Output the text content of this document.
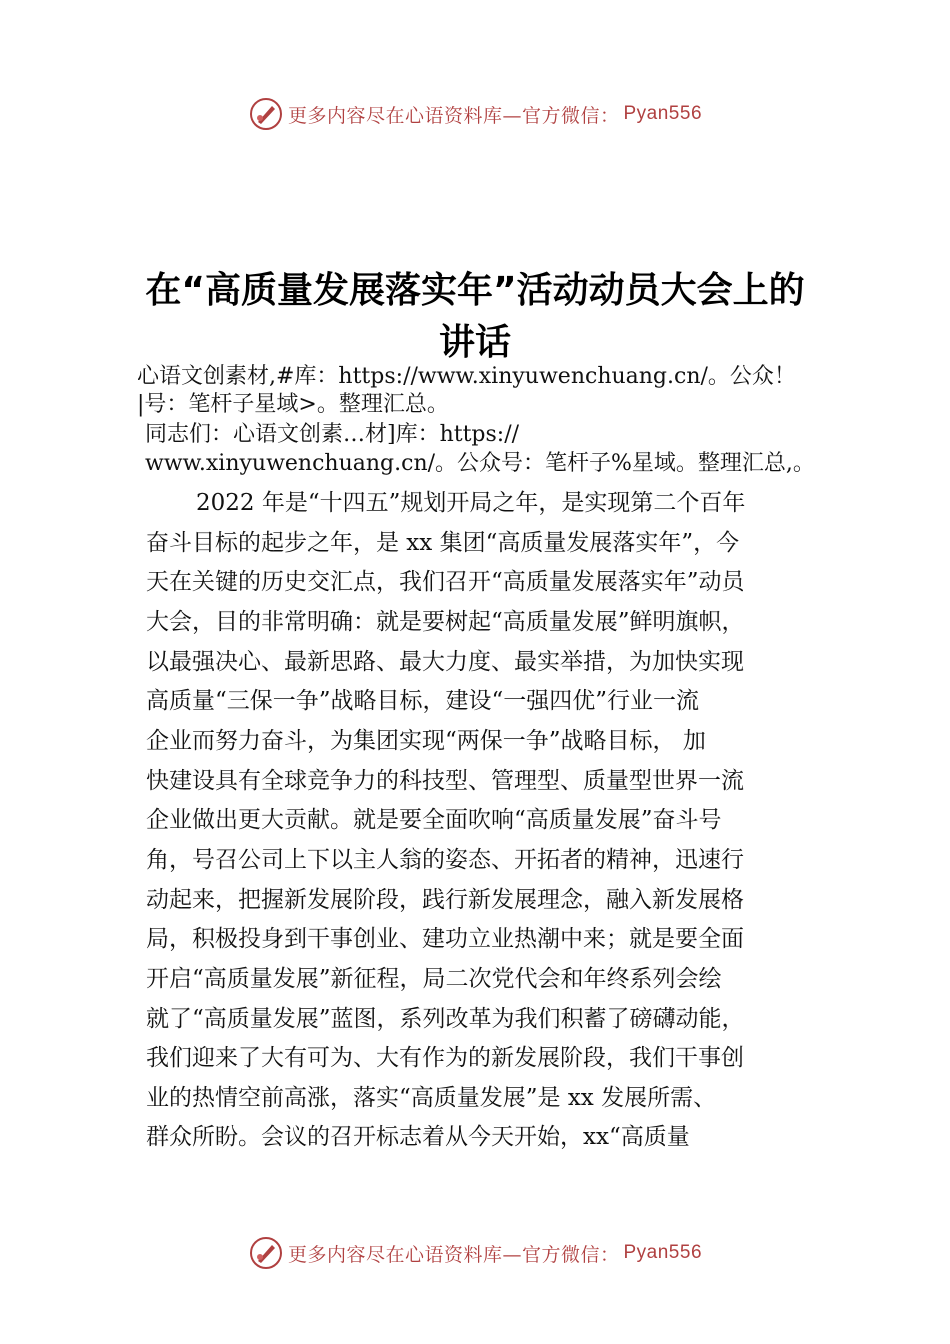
更多内容尽在心语资料库—官方微信： Pyan556
在“高质量发展落实年”活动动员大会上的
讲话
心语文创素材,#库：https://www.xinyuwenchuang.cn/。公众！
|号：笔杆子星域>。整理汇总。
同志们：心语文创素…材]库：https://
www.xinyuwenchuang.cn/。公众号：笔杆子%星域。整理汇总,。
2022 年是“十四五”规划开局之年，是实现第二个百年
奋斗目标的起步之年，是 xx 集团“高质量发展落实年”，今
天在关键的历史交汇点，我们召开“高质量发展落实年”动员
大会，目的非常明确：就是要树起“高质量发展”鲜明旗帜，
以最强决心、最新思路、最大力度、最实举措，为加快实现
高质量“三保一争”战略目标，建设“一强四优”行业一流
企业而努力奋斗，为集团实现“两保一争”战略目标， 加
快建设具有全球竞争力的科技型、管理型、质量型世界一流
企业做出更大贡献。就是要全面吹响“高质量发展”奋斗号
角，号召公司上下以主人翁的姿态、开拓者的精神，迅速行
动起来，把握新发展阶段，践行新发展理念，融入新发展格
局，积极投身到干事创业、建功立业热潮中来；就是要全面
开启“高质量发展”新征程，局二次党代会和年终系列会绘
就了“高质量发展”蓝图，系列改革为我们积蓄了磅礴动能，
我们迎来了大有可为、大有作为的新发展阶段，我们干事创
业的热情空前高涨，落实“高质量发展”是 xx 发展所需、
群众所盼。会议的召开标志着从今天开始，xx“高质量
更多内容尽在心语资料库—官方微信： Pyan556
